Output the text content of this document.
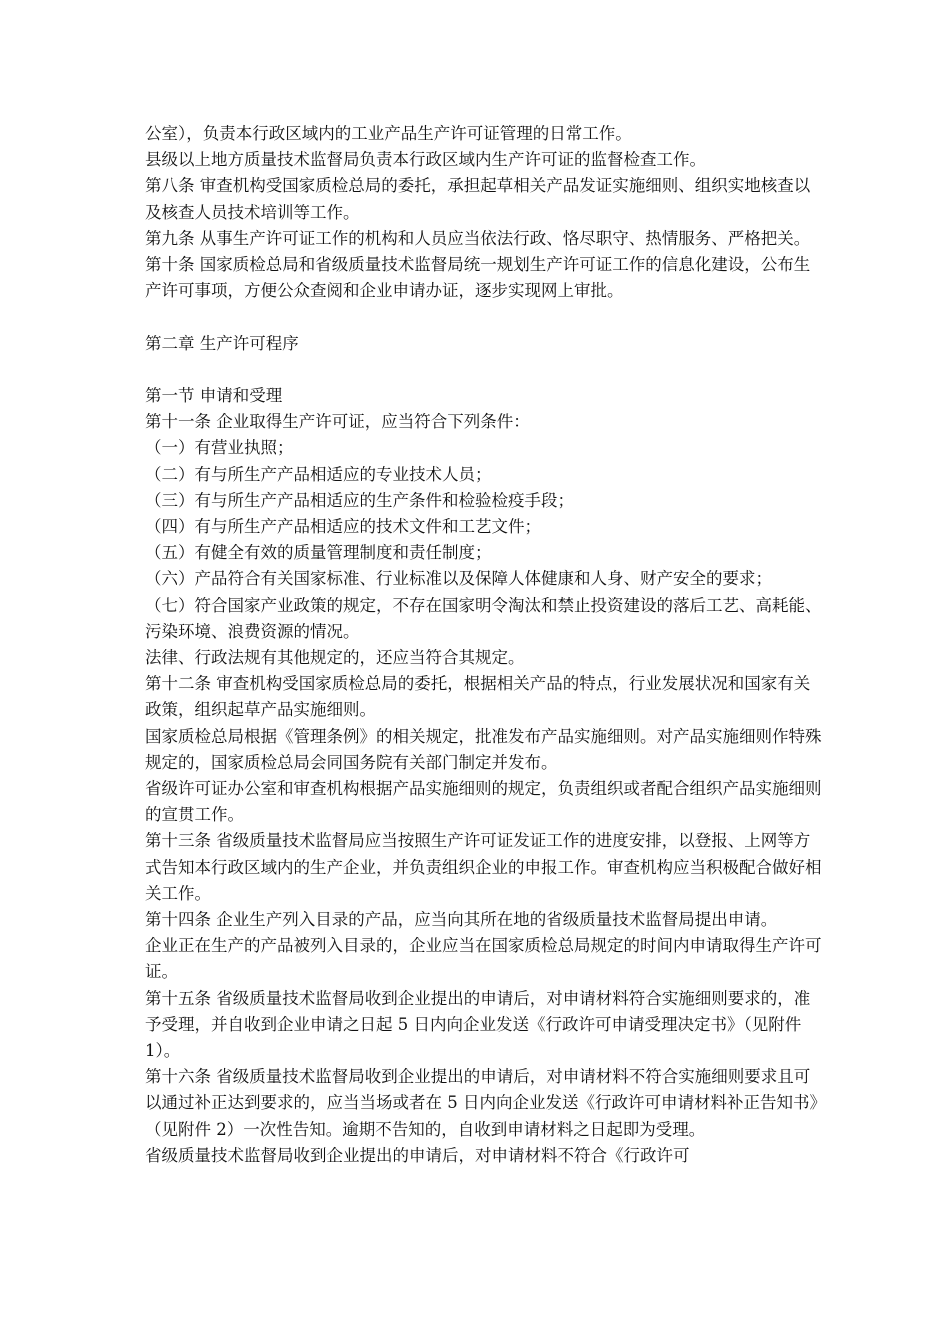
公室），负责本行政区域内的工业产品生产许可证管理的日常工作。

县级以上地方质量技术监督局负责本行政区域内生产许可证的监督检查工作。

第八条 审查机构受国家质检总局的委托，承担起草相关产品发证实施细则、组织实地核查以及核查人员技术培训等工作。

第九条 从事生产许可证工作的机构和人员应当依法行政、恪尽职守、热情服务、严格把关。

第十条 国家质检总局和省级质量技术监督局统一规划生产许可证工作的信息化建设，公布生产许可事项，方便公众查阅和企业申请办证，逐步实现网上审批。

第二章 生产许可程序

第一节 申请和受理

第十一条 企业取得生产许可证，应当符合下列条件：

（一）有营业执照；

（二）有与所生产产品相适应的专业技术人员；

（三）有与所生产产品相适应的生产条件和检验检疫手段；

（四）有与所生产产品相适应的技术文件和工艺文件；

（五）有健全有效的质量管理制度和责任制度；

（六）产品符合有关国家标准、行业标准以及保障人体健康和人身、财产安全的要求；

（七）符合国家产业政策的规定，不存在国家明令淘汰和禁止投资建设的落后工艺、高耗能、污染环境、浪费资源的情况。

法律、行政法规有其他规定的，还应当符合其规定。

第十二条 审查机构受国家质检总局的委托，根据相关产品的特点，行业发展状况和国家有关政策，组织起草产品实施细则。

国家质检总局根据《管理条例》的相关规定，批准发布产品实施细则。对产品实施细则作特殊规定的，国家质检总局会同国务院有关部门制定并发布。

省级许可证办公室和审查机构根据产品实施细则的规定，负责组织或者配合组织产品实施细则的宣贯工作。

第十三条 省级质量技术监督局应当按照生产许可证发证工作的进度安排，以登报、上网等方式告知本行政区域内的生产企业，并负责组织企业的申报工作。审查机构应当积极配合做好相关工作。

第十四条 企业生产列入目录的产品，应当向其所在地的省级质量技术监督局提出申请。

企业正在生产的产品被列入目录的，企业应当在国家质检总局规定的时间内申请取得生产许可证。

第十五条 省级质量技术监督局收到企业提出的申请后，对申请材料符合实施细则要求的，准予受理，并自收到企业申请之日起 5 日内向企业发送《行政许可申请受理决定书》（见附件 1）。

第十六条 省级质量技术监督局收到企业提出的申请后，对申请材料不符合实施细则要求且可以通过补正达到要求的，应当当场或者在 5 日内向企业发送《行政许可申请材料补正告知书》（见附件 2）一次性告知。逾期不告知的，自收到申请材料之日起即为受理。

省级质量技术监督局收到企业提出的申请后，对申请材料不符合《行政许可
